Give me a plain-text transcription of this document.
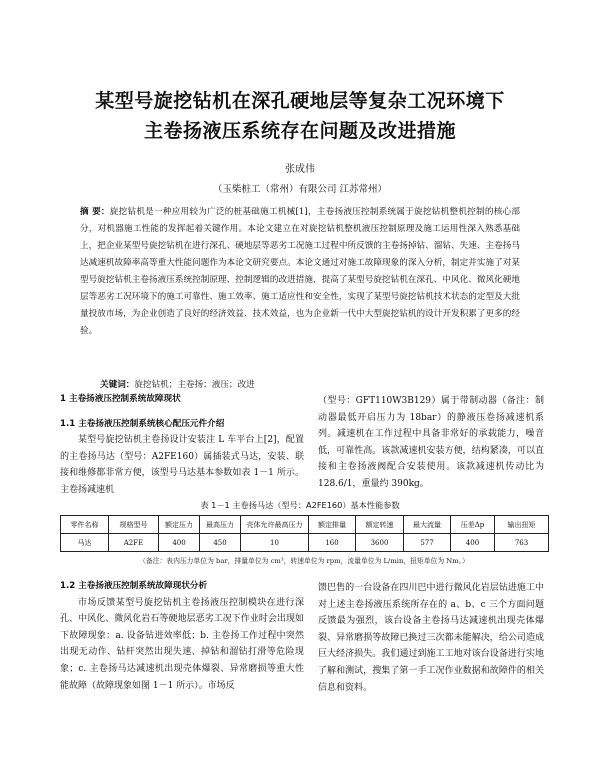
某型号旋挖钻机在深孔硬地层等复杂工况环境下
主卷扬液压系统存在问题及改进措施
张成伟
（玉柴桩工（常州）有限公司 江苏常州）
摘 要：旋挖钻机是一种应用较为广泛的桩基础施工机械[1]，主卷扬液压控制系统属于旋挖钻机整机控制的核心部分，对机器施工性能的发挥起着关键作用。本论文建立在对旋挖钻机整机液压控制原理及施工运用性深入熟悉基础上，把企业某型号旋挖钻机在进行深孔、硬地层等恶劣工况施工过程中所反馈的主卷扬掉钻、溜钻、失速、主卷扬马达减速机故障率高等重大性能问题作为本论文研究要点。本论文通过对施工故障现象的深入分析，制定并实施了对某型号旋挖钻机主卷扬液压系统控制原理、控制逻辑的改进措施，提高了某型号旋挖钻机在深孔、中风化、微风化硬地层等恶劣工况环境下的施工可靠性、施工效率、施工适应性和安全性，实现了某型号旋挖钻机技术状态的定型及大批量投放市场，为企业创造了良好的经济效益、技术效益，也为企业新一代中大型旋挖钻机的设计开发积累了更多的经验。
关键词：旋挖钻机；主卷扬；液压；改进
1 主卷扬液压控制系统故障现状
1.1 主卷扬液压控制系统核心配压元件介绍
某型号旋挖钻机主卷扬设计安装注 L 车平台上[2]，配置的主卷扬马达（型号：A2FE160）属插装式马达，安装、联接和维修都非常方便，该型号马达基本参数如表 1－1 所示。主卷扬减速机
（型号：GFT110W3B129）属于带制动器（备注：制动器最低开启压力为 18bar）的静液压卷扬减速机系列。减速机在工作过程中具备非常好的承载能力，噪音低，可靠性高。该款减速机安装方便，结构紧凑，可以直接和主卷扬液阀配合安装使用。该款减速机传动比为 128.6/1，重量约 390kg。
表 1－1 主卷扬马达（型号：A2FE160）基本性能参数
零件名称	规格型号	额定压力	最高压力	壳体允许最高压力	额定排量	额定转速	最大流量	压差Δp	输出扭矩
马达	A2FE	400	450	10	160	3600	577	400	763
（备注：表内压力单位为 bar，排量单位为 cm³，转速单位为 rpm，流量单位为 L/min，扭矩单位为 Nm。）
1.2 主卷扬液压控制系统故障现状分析
市场反馈某型号旋挖钻机主卷扬液压控制模块在进行深孔、中风化、微风化岩石等硬地层恶劣工况下作业时会出现如下故障现象：a. 设备钻进效率低；b. 主卷扬工作过程中突然出现无动作、钻杆突然出现失速、掉钻和溜钻打滑等危险现象；c. 主卷扬马达减速机出现壳体爆裂、异常磨损等重大性能故障（故障现象如图 1－1 所示）。市场反
馈巴售的一台设备在四川巴中进行微风化岩层钻进施工中对上述主卷扬液压系统所存在的 a、b、c 三个方面问题反馈最为强烈，该台设备主卷扬马达减速机出现壳体爆裂、异常磨损等故障已换过三次都未能解决，给公司造成巨大经济损失。我们通过到施工工地对该台设备进行实地了解和测试，搜集了第一手工况作业数据和故障件的相关信息和资料。
